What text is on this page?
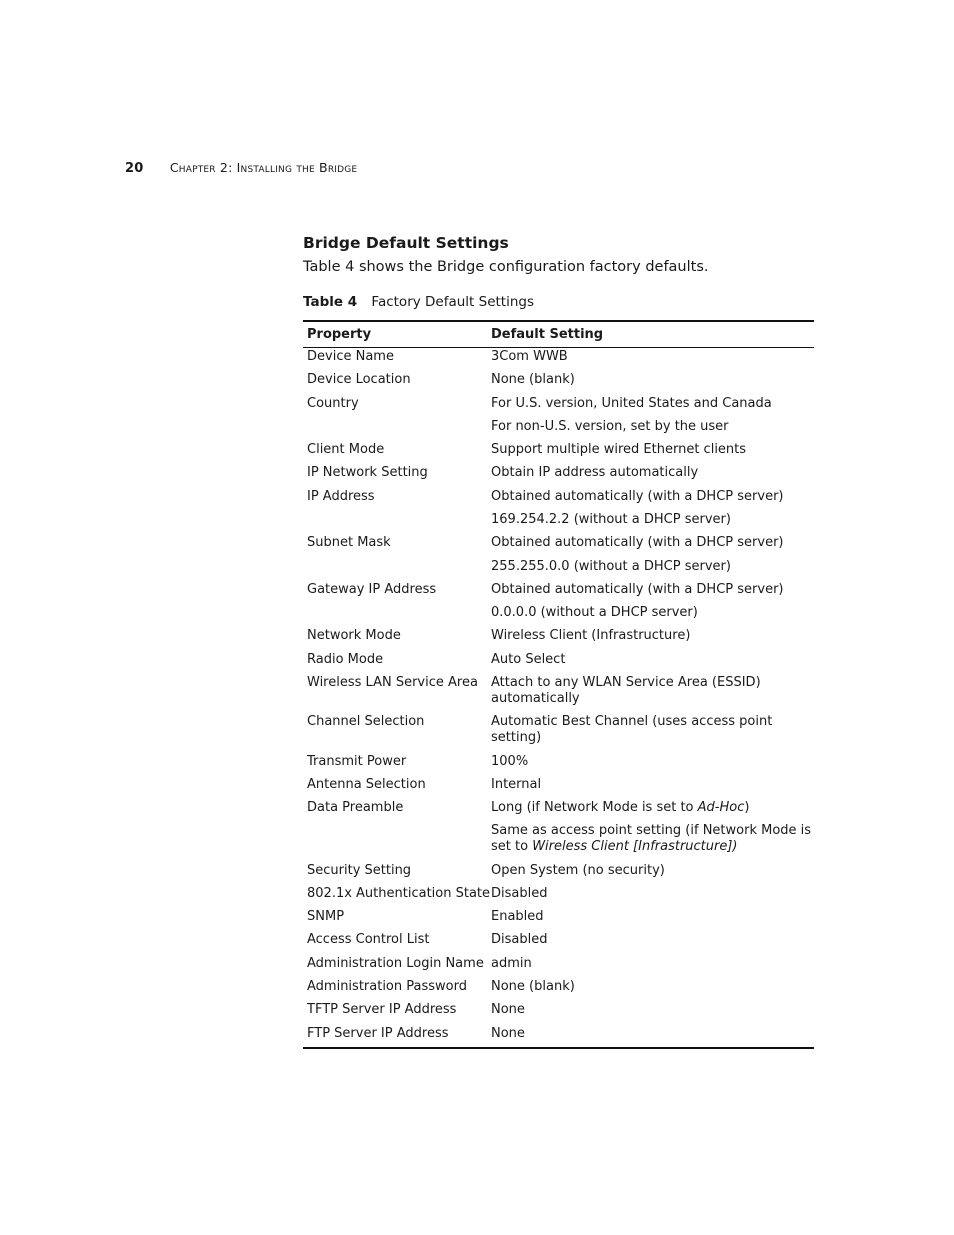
20 Chapter 2: Installing the Bridge
Bridge Default Settings
Table 4 shows the Bridge configuration factory defaults.
Table 4 Factory Default Settings
Property	Default Setting
Device Name	3Com WWB
Device Location	None (blank)
Country	For U.S. version, United States and Canada
For non-U.S. version, set by the user
Client Mode	Support multiple wired Ethernet clients
IP Network Setting	Obtain IP address automatically
IP Address	Obtained automatically (with a DHCP server)
169.254.2.2 (without a DHCP server)
Subnet Mask	Obtained automatically (with a DHCP server)
255.255.0.0 (without a DHCP server)
Gateway IP Address	Obtained automatically (with a DHCP server)
0.0.0.0 (without a DHCP server)
Network Mode	Wireless Client (Infrastructure)
Radio Mode	Auto Select
Wireless LAN Service Area	Attach to any WLAN Service Area (ESSID) automatically
Channel Selection	Automatic Best Channel (uses access point setting)
Transmit Power	100%
Antenna Selection	Internal
Data Preamble	Long (if Network Mode is set to Ad-Hoc)
Same as access point setting (if Network Mode is set to Wireless Client [Infrastructure])
Security Setting	Open System (no security)
802.1x Authentication State Disabled
SNMP	Enabled
Access Control List	Disabled
Administration Login Name admin
Administration Password	None (blank)
TFTP Server IP Address	None
FTP Server IP Address	None
